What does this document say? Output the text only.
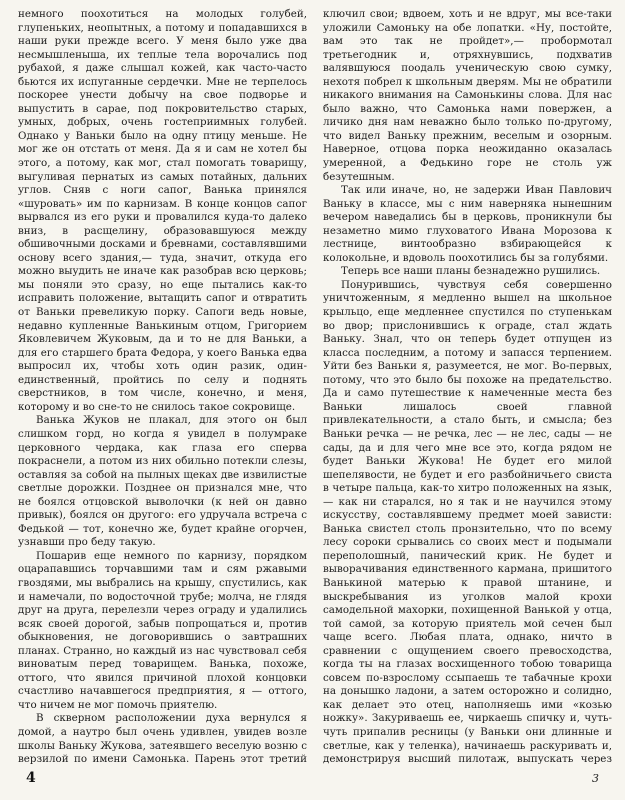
немного поохотиться на молодых голубей, глупеньких, неопытных, а потому и попадавшихся в наши руки прежде всего. У меня было уже два несмышленыша, их теплые тела ворочались под рубахой, я даже слышал кожей, как часто-часто бьются их испуганные сердечки. Мне не терпелось поскорее унести добычу на свое подворье и выпустить в сарае, под покровительство старых, умных, добрых, очень гостеприимных голубей. Однако у Ваньки было на одну птицу меньше. Не мог же он отстать от меня. Да я и сам не хотел бы этого, а потому, как мог, стал помогать товарищу, выгуливая пернатых из самых потайных, дальних углов. Сняв с ноги сапог, Ванька принялся «шуровать» им по карнизам. В конце концов сапог вырвался из его руки и провалился куда-то далеко вниз, в расщелину, образовавшуюся между обшивочными досками и бревнами, составлявшими основу всего здания,— туда, значит, откуда его можно выудить не иначе как разобрав всю церковь; мы поняли это сразу, но еще пытались как-то исправить положение, вытащить сапог и отвратить от Ваньки превеликую порку. Сапоги ведь новые, недавно купленные Ванькиным отцом, Григорием Яковлевичем Жуковым, да и то не для Ваньки, а для его старшего брата Федора, у коего Ванька едва выпросил их, чтобы хоть один разик, один-единственный, пройтись по селу и поднять сверстников, в том числе, конечно, и меня, которому и во сне-то не снилось такое сокровище.

Ванька Жуков не плакал, для этого он был слишком горд, но когда я увидел в полумраке церковного чердака, как глаза его сперва покраснели, а потом из них обильно потекли слезы, оставляя за собой на пылных щеках две извилистые светлые дорожки. Позднее он признался мне, что не боялся отцовской выволочки (к ней он давно привык), боялся он другого: его удручала встреча с Федькой — тот, конечно же, будет крайне огорчен, узнавши про беду такую.

Пошарив еще немного по карнизу, порядком оцарапавшись торчавшими там и сям ржавыми гвоздями, мы выбрались на крышу, спустились, как и намечали, по водосточной трубе; молча, не глядя друг на друга, перелезли через ограду и удалились всяк своей дорогой, забыв попрощаться и, против обыкновения, не договорившись о завтрашних планах. Странно, но каждый из нас чувствовал себя виноватым перед товарищем. Ванька, похоже, оттого, что явился причиной плохой концовки счастливо начавшегося предприятия, я — оттого, что ничем не мог помочь приятелю.

В скверном расположении духа вернулся я домой, а наутро был очень удивлен, увидев возле школы Ваньку Жукова, затеявшего веселую возню с верзилой по имени Самонька. Парень этот третий

ключил свои; вдвоем, хоть и не вдруг, мы все-таки уложили Самоньку на обе лопатки. «Ну, постойте, вам это так не пройдет»,— пробормотал третьегодник и, отряхнувшись, подхватив валявшуюся поодаль ученическую свою сумку, нехотя побрел к школьным дверям. Мы не обратили никакого внимания на Самонькины слова. Для нас было важно, что Самонька нами повержен, а личико дня нам неважно было только по-другому, что видел Ваньку прежним, веселым и озорным. Наверное, отцова порка неожиданно оказалась умеренной, а Федькино горе не столь уж безутешным.

Так или иначе, но, не задержи Иван Павлович Ваньку в классе, мы с ним наверняка нынешним вечером наведались бы в церковь, проникнули бы незаметно мимо глуховатого Ивана Морозова к лестнице, винтообразно взбирающейся к колокольне, и вдоволь поохотились бы за голубями.

Теперь все наши планы безнадежно рушились.

Понурившись, чувствуя себя совершенно уничтоженным, я медленно вышел на школьное крыльцо, еще медленнее спустился по ступенькам во двор; прислонившись к ограде, стал ждать Ваньку. Знал, что он теперь будет отпущен из класса последним, а потому и запасся терпением. Уйти без Ваньки я, разумеется, не мог. Во-первых, потому, что это было бы похоже на предательство. Да и само путешествие к намеченные места без Ваньки лишалось своей главной привлекательности, а стало быть, и смысла; без Ваньки речка — не речка, лес — не лес, сады — не сады, да и для чего мне все это, когда рядом не будет Ваньки Жукова! Не будет его милой шепелявости, не будет и его разбойничьего свиста в четыре пальца, как-то хитро положенных на язык,— как ни старался, но я так и не научился этому искусству, составлявшему предмет моей зависти: Ванька свистел столь пронзительно, что по всему лесу сороки срывались со своих мест и подымали переполошный, панический крик. Не будет и выворачивания единственного кармана, пришитого Ванькиной матерью к правой штанине, и выскребывания из уголков малой крохи самодельной махорки, похищенной Ванькой у отца, той самой, за которую приятель мой сечен был чаще всего. Любая плата, однако, ничто в сравнении с ощущением своего превосходства, когда ты на глазах восхищенного тобою товарища совсем по-взрослому ссыпаешь те табачные крохи на донышко ладони, а затем осторожно и солидно, как делает это отец, наполняешь ими «козью ножку». Закуриваешь ее, чиркаешь спичку и, чуть-чуть припалив ресницы (у Ваньки они длинные и светлые, как у теленка), начинаешь раскуривать и, демонстрируя высший пилотаж, выпускать через

4	3
